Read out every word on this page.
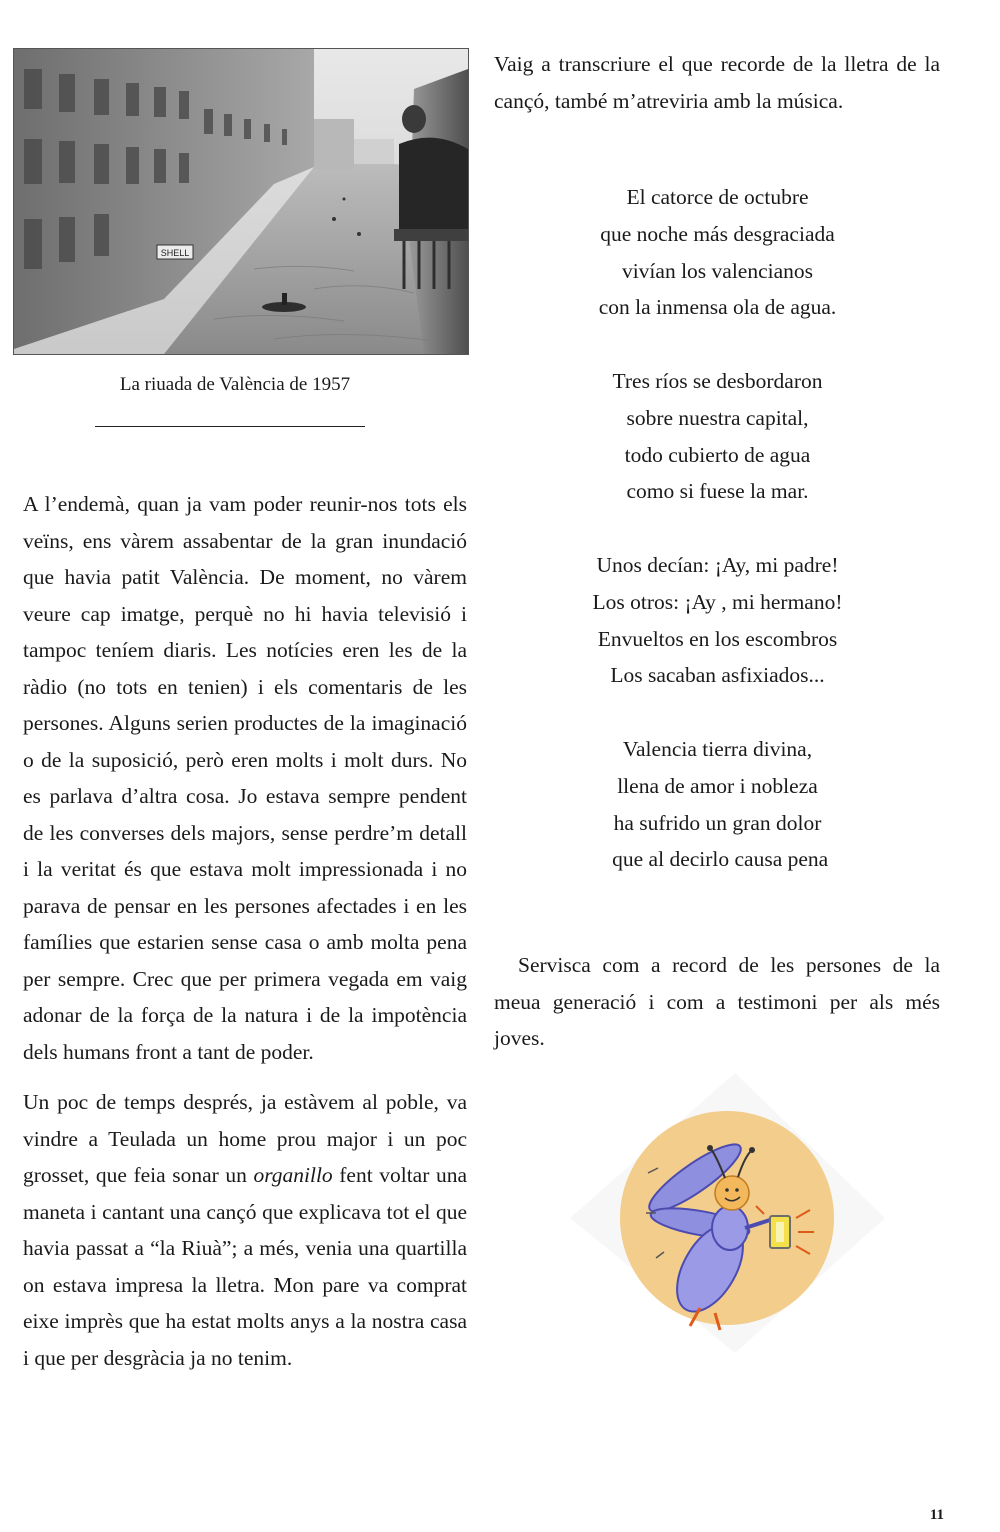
SHELL
La riuada de València de 1957

A l’endemà, quan ja vam poder reunir-nos tots els veïns, ens vàrem assabentar de la gran inundació que havia patit València. De moment, no vàrem veure cap imatge, perquè no hi havia televisió i tampoc teníem diaris. Les notícies eren les de la ràdio (no tots en tenien) i els comentaris de les persones. Alguns serien productes de la imaginació o de la suposició, però eren molts i molt durs. No es parlava d’altra cosa. Jo estava sempre pendent de les converses dels majors, sense perdre’m detall i la veritat és que estava molt impressionada i no parava de pensar en les persones afectades i en les famílies que estarien sense casa o amb molta pena per sempre. Crec que per primera vegada em vaig adonar de la força de la natura i de la impotència dels humans front a tant de poder.

Un poc de temps després, ja estàvem al poble, va vindre a Teulada un home prou major i un poc grosset, que feia sonar un organillo fent voltar una maneta i cantant una cançó que explicava tot el que havia passat a “la Riuà”; a més, venia una quartilla on estava impresa la lletra. Mon pare va comprat eixe imprès que ha estat molts anys a la nostra casa i que per desgràcia ja no tenim.

Vaig a transcriure el que recorde de la lletra de la cançó, també m’atreviria amb la música.

El catorce de octubre
que noche más desgraciada
vivían los valencianos
con la inmensa ola de agua.
Tres ríos se desbordaron
sobre nuestra capital,
todo cubierto de agua
como si fuese la mar.
Unos decían: ¡Ay, mi padre!
Los otros: ¡Ay , mi hermano!
Envueltos en los escombros
Los sacaban asfixiados...
Valencia tierra divina,
llena de amor i nobleza
ha sufrido un gran dolor
que al decirlo causa pena

Servisca com a record de les persones de la meua generació i com a testimoni per als més joves.

11
